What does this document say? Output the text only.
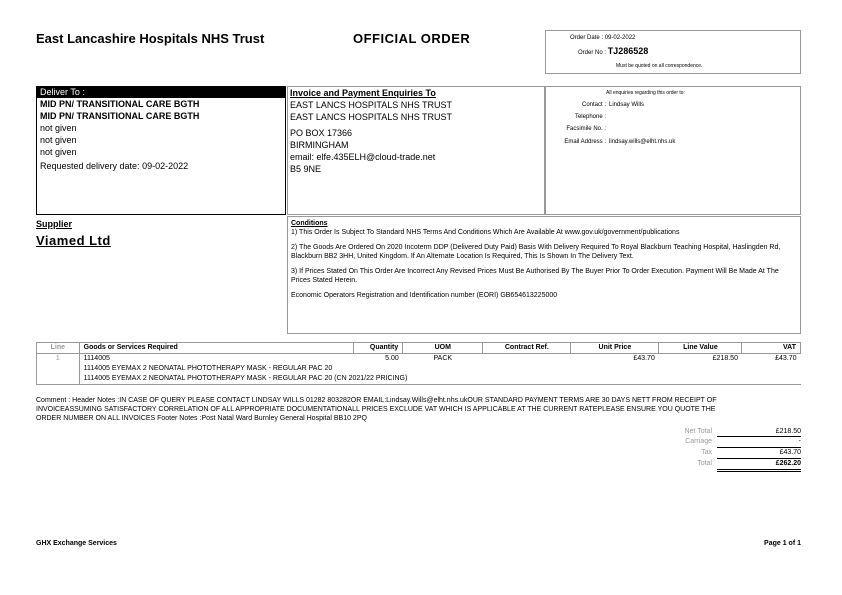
East Lancashire Hospitals NHS Trust	OFFICIAL ORDER	Order Date : 09-02-2022
Order No : TJ286528
Must be quoted on all correspondence.
Deliver To :
MID PN/ TRANSITIONAL CARE BGTH
MID PN/ TRANSITIONAL CARE BGTH
not given
not given
not given
Requested delivery date: 09-02-2022
Invoice and Payment Enquiries To
EAST LANCS HOSPITALS NHS TRUST
EAST LANCS HOSPITALS NHS TRUST
PO BOX 17366
BIRMINGHAM
email: elfe.435ELH@cloud-trade.net
B5 9NE
All enquiries regarding this order to:
Contact : Lindsay Wills
Telephone :
Facsimile No. :
Email Address : lindsay.wills@elht.nhs.uk
Supplier
Viamed Ltd
Conditions
1) This Order Is Subject To Standard NHS Terms And Conditions Which Are Available At www.gov.uk/government/publications
2) The Goods Are Ordered On 2020 Incoterm DDP (Delivered Duty Paid) Basis With Delivery Required To Royal Blackburn Teaching Hospital, Haslingden Rd, Blackburn BB2 3HH, United Kingdom. If An Alternate Location Is Required, This Is Shown In The Delivery Text.
3) If Prices Stated On This Order Are Incorrect Any Revised Prices Must Be Authorised By The Buyer Prior To Order Execution. Payment Will Be Made At The Prices Stated Herein.
Economic Operators Registration and Identification number (EORI) GB654613225000
Line	Goods or Services Required	Quantity	UOM	Contract Ref.	Unit Price	Line Value	VAT
1	1114005	5.00	PACK		£43.70	£218.50	£43.70
	1114005 EYEMAX 2 NEONATAL PHOTOTHERAPY MASK - REGULAR PAC 20						
	1114005 EYEMAX 2 NEONATAL PHOTOTHERAPY MASK - REGULAR PAC 20 (CN 2021/22 PRICING)						
Comment : Header Notes :IN CASE OF QUERY PLEASE CONTACT LINDSAY WILLS 01282 803282OR EMAIL:Lindsay.Wills@elht.nhs.ukOUR STANDARD PAYMENT TERMS ARE 30 DAYS NETT FROM RECEIPT OF INVOICEASSUMING SATISFACTORY CORRELATION OF ALL APPROPRIATE DOCUMENTATIONALL PRICES EXCLUDE VAT WHICH IS APPLICABLE AT THE CURRENT RATEPLEASE ENSURE YOU QUOTE THE ORDER NUMBER ON ALL INVOICES Footer Notes :Post Natal Ward Burnley General Hospital BB10 2PQ
Net Total	£218.50
Carriage	-
Tax	£43.70
Total	£262.20
GHX Exchange Services	Page 1 of 1
